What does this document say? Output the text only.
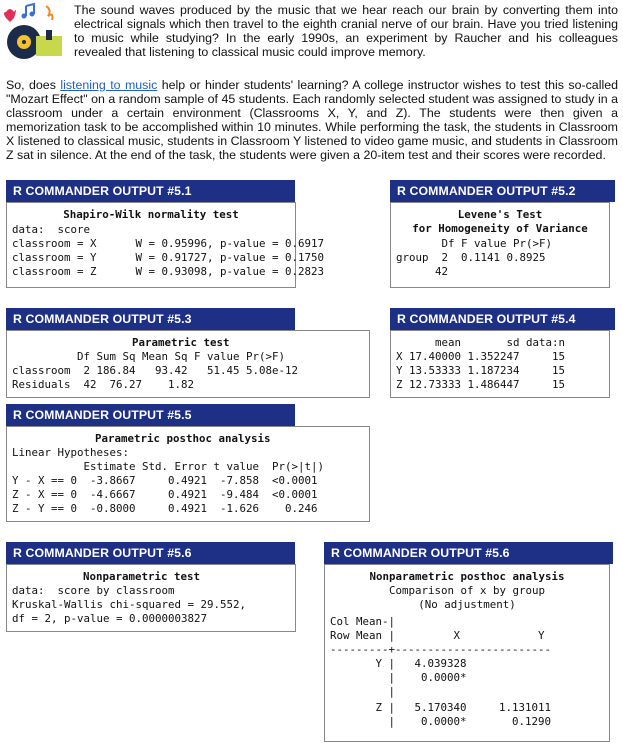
The sound waves produced by the music that we hear reach our brain by converting them into electrical signals which then travel to the eighth cranial nerve of our brain. Have you tried listening to music while studying? In the early 1990s, an experiment by Raucher and his colleagues revealed that listening to classical music could improve memory.
So, does listening to music help or hinder students' learning? A college instructor wishes to test this so-called "Mozart Effect" on a random sample of 45 students. Each randomly selected student was assigned to study in a classroom under a certain environment (Classrooms X, Y, and Z). The students were then given a memorization task to be accomplished within 10 minutes. While performing the task, the students in Classroom X listened to classical music, students in Classroom Y listened to video game music, and students in Classroom Z sat in silence. At the end of the task, the students were given a 20-item test and their scores were recorded.
R COMMANDER OUTPUT #5.1
Shapiro-Wilk normality test
data:  score
classroom = X      W = 0.95996, p-value = 0.6917
classroom = Y      W = 0.91727, p-value = 0.1750
classroom = Z      W = 0.93098, p-value = 0.2823
R COMMANDER OUTPUT #5.2
Levene's Test
for Homogeneity of Variance
Df F value Pr(>F)
group  2  0.1141 0.8925
42
R COMMANDER OUTPUT #5.3
Parametric test
Df Sum Sq Mean Sq F value Pr(>F)
classroom  2 186.84   93.42   51.45 5.08e-12
Residuals  42  76.27    1.82
R COMMANDER OUTPUT #5.4
mean       sd data:n
X 17.40000 1.352247     15
Y 13.53333 1.187234     15
Z 12.73333 1.486447     15
R COMMANDER OUTPUT #5.5
Parametric posthoc analysis
Linear Hypotheses:
Estimate Std. Error t value  Pr(>|t|)
Y - X == 0  -3.8667     0.4921  -7.858  <0.0001
Z - X == 0  -4.6667     0.4921  -9.484  <0.0001
Z - Y == 0  -0.8000     0.4921  -1.626    0.246
R COMMANDER OUTPUT #5.6
Nonparametric test
data:  score by classroom
Kruskal-Wallis chi-squared = 29.552,
df = 2, p-value = 0.0000003827
R COMMANDER OUTPUT #5.6
Nonparametric posthoc analysis
Comparison of x by group
(No adjustment)
Col Mean-|
Row Mean |         X            Y
---------+------------------------
Y |   4.039328
|    0.0000*
|
Z |   5.170340     1.131011
|    0.0000*       0.1290
